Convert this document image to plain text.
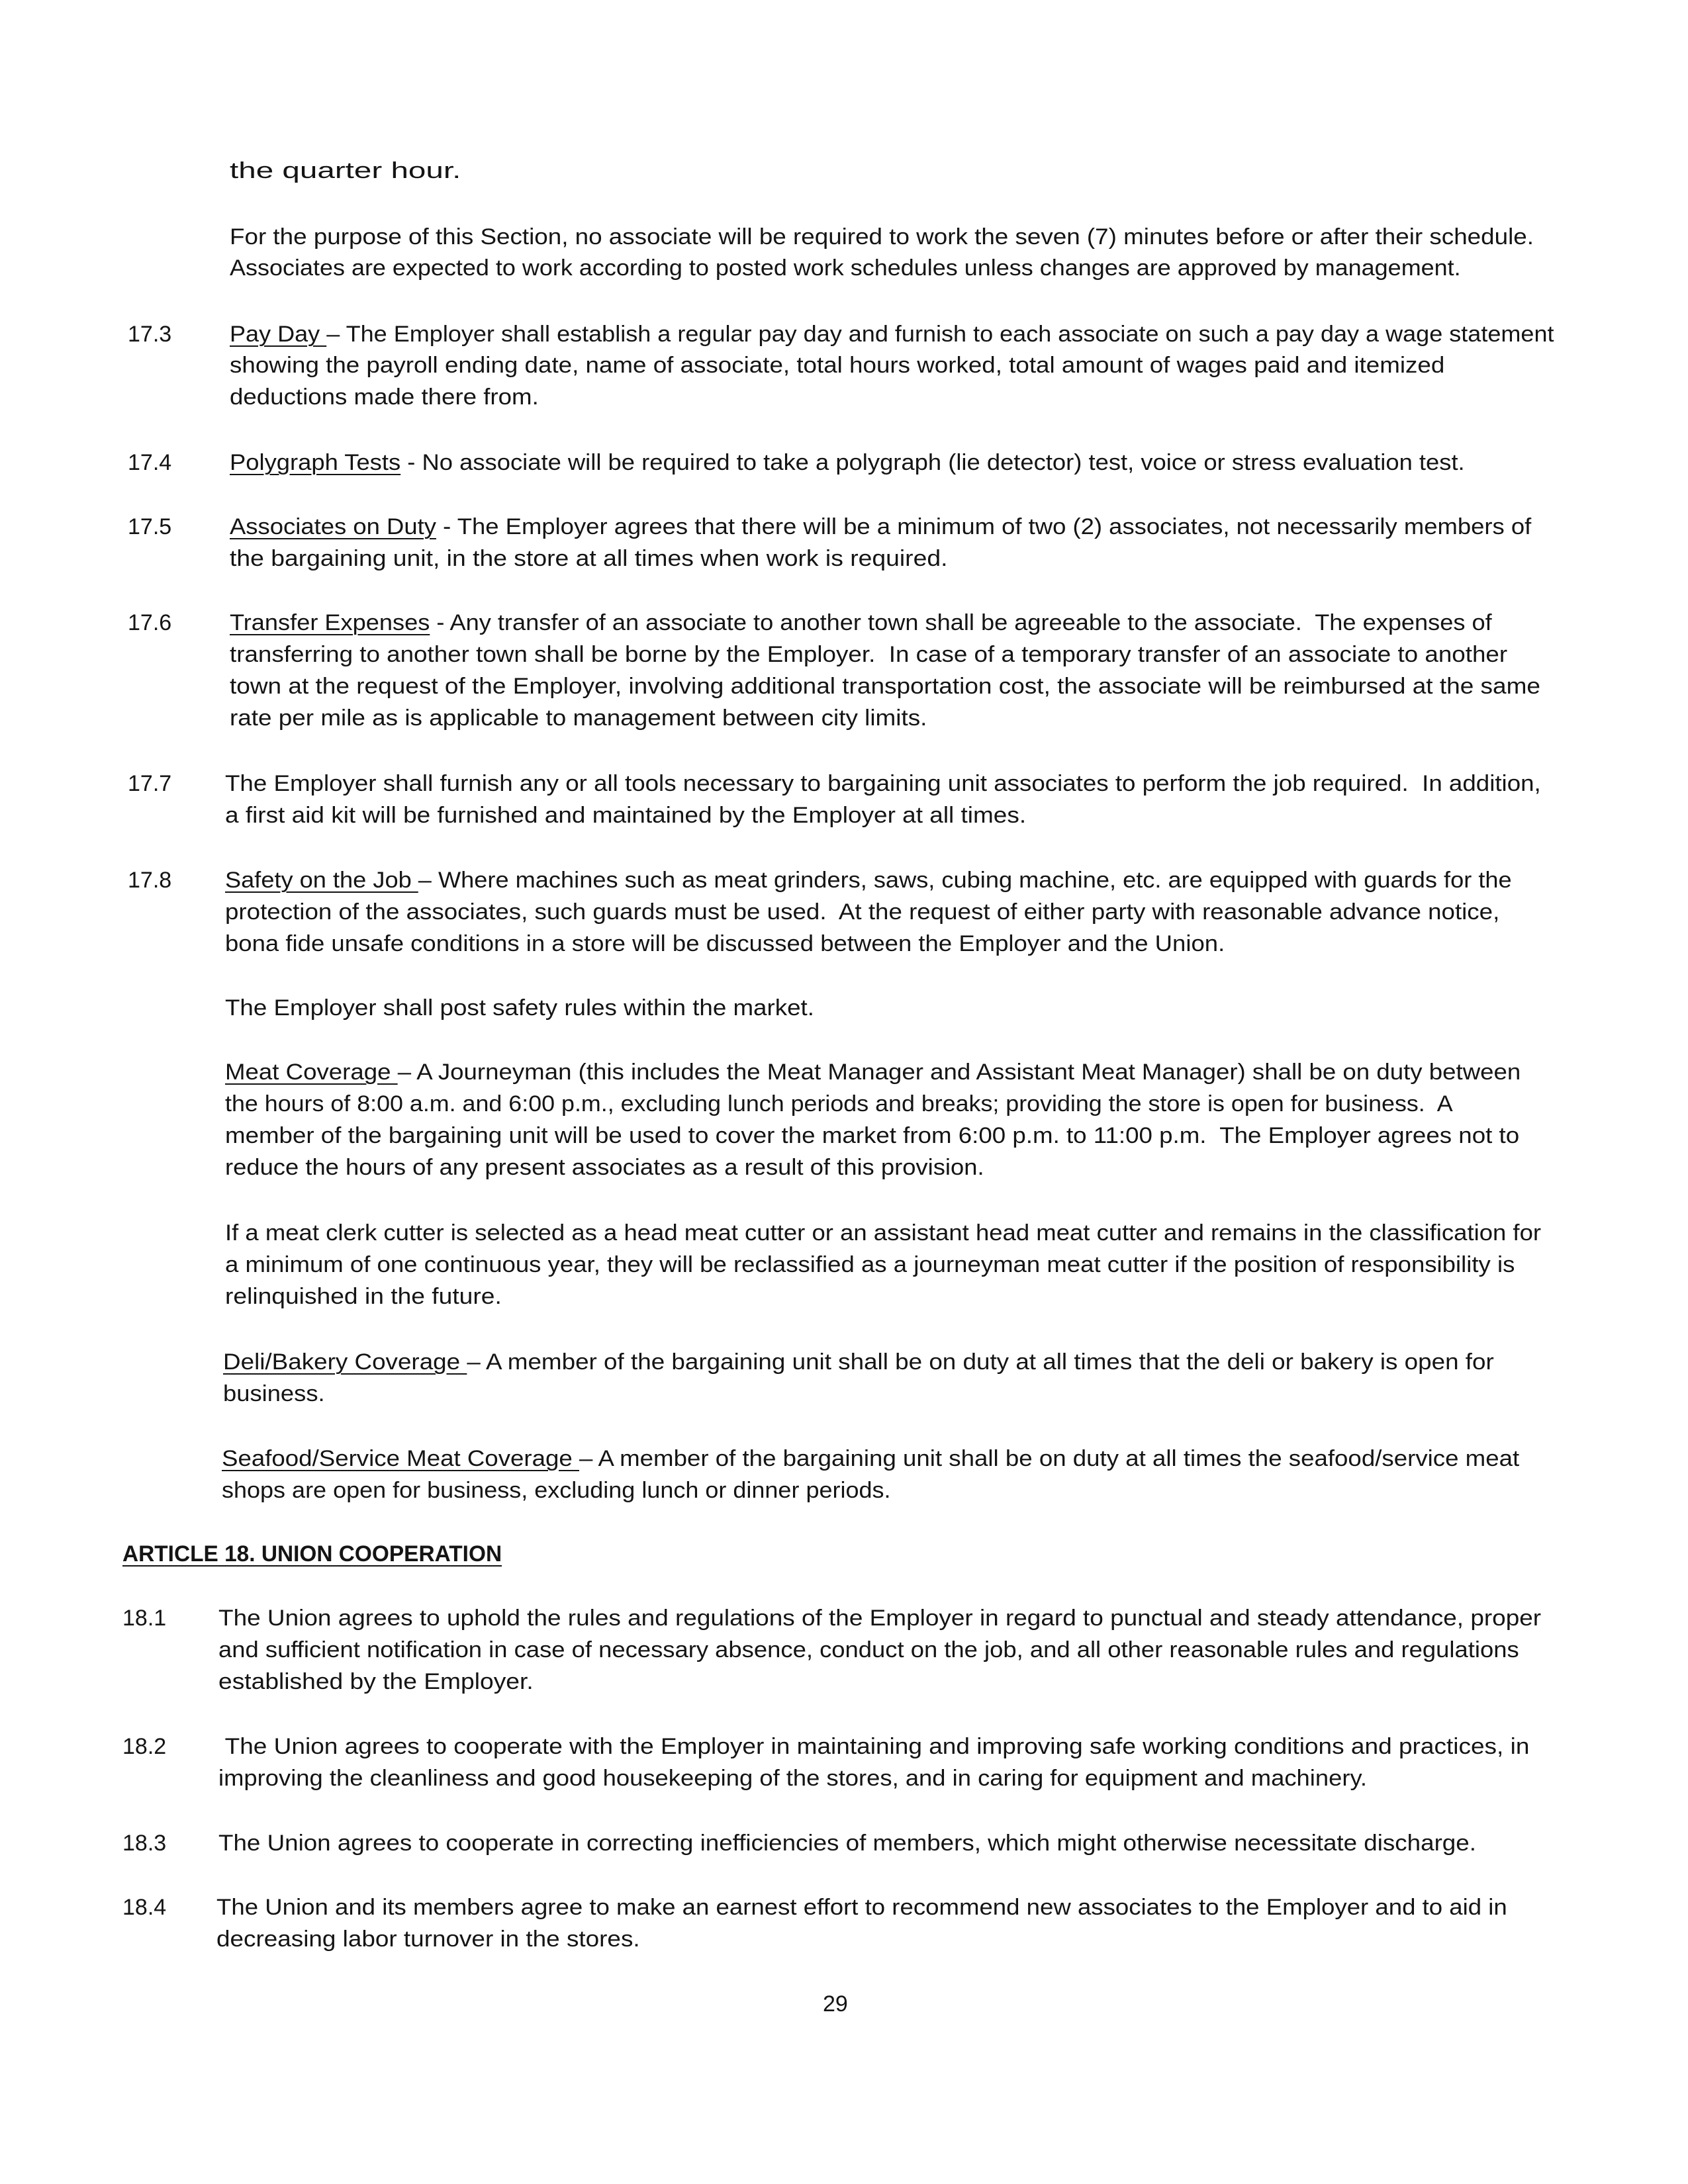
the quarter hour.
For the purpose of this Section, no associate will be required to work the seven (7) minutes before or after their schedule.
Associates are expected to work according to posted work schedules unless changes are approved by management.
17.3	Pay Day – The Employer shall establish a regular pay day and furnish to each associate on such a pay day a wage statement
showing the payroll ending date, name of associate, total hours worked, total amount of wages paid and itemized
deductions made there from.
17.4	Polygraph Tests - No associate will be required to take a polygraph (lie detector) test, voice or stress evaluation test.
17.5	Associates on Duty - The Employer agrees that there will be a minimum of two (2) associates, not necessarily members of
the bargaining unit, in the store at all times when work is required.
17.6	Transfer Expenses - Any transfer of an associate to another town shall be agreeable to the associate.  The expenses of
transferring to another town shall be borne by the Employer.  In case of a temporary transfer of an associate to another
town at the request of the Employer, involving additional transportation cost, the associate will be reimbursed at the same
rate per mile as is applicable to management between city limits.
17.7 The Employer shall furnish any or all tools necessary to bargaining unit associates to perform the job required.  In addition,
a first aid kit will be furnished and maintained by the Employer at all times.
17.8 Safety on the Job – Where machines such as meat grinders, saws, cubing machine, etc. are equipped with guards for the
protection of the associates, such guards must be used.  At the request of either party with reasonable advance notice,
bona fide unsafe conditions in a store will be discussed between the Employer and the Union.
The Employer shall post safety rules within the market.
Meat Coverage – A Journeyman (this includes the Meat Manager and Assistant Meat Manager) shall be on duty between
the hours of 8:00 a.m. and 6:00 p.m., excluding lunch periods and breaks; providing the store is open for business.  A
member of the bargaining unit will be used to cover the market from 6:00 p.m. to 11:00 p.m.  The Employer agrees not to
reduce the hours of any present associates as a result of this provision.
If a meat clerk cutter is selected as a head meat cutter or an assistant head meat cutter and remains in the classification for
a minimum of one continuous year, they will be reclassified as a journeyman meat cutter if the position of responsibility is
relinquished in the future.
Deli/Bakery Coverage – A member of the bargaining unit shall be on duty at all times that the deli or bakery is open for
business.
Seafood/Service Meat Coverage – A member of the bargaining unit shall be on duty at all times the seafood/service meat
shops are open for business, excluding lunch or dinner periods.
ARTICLE 18. UNION COOPERATION
18.1 The Union agrees to uphold the rules and regulations of the Employer in regard to punctual and steady attendance, proper
and sufficient notification in case of necessary absence, conduct on the job, and all other reasonable rules and regulations
established by the Employer.
18.2 The Union agrees to cooperate with the Employer in maintaining and improving safe working conditions and practices, in
improving the cleanliness and good housekeeping of the stores, and in caring for equipment and machinery.
18.3 The Union agrees to cooperate in correcting inefficiencies of members, which might otherwise necessitate discharge.
18.4 The Union and its members agree to make an earnest effort to recommend new associates to the Employer and to aid in
decreasing labor turnover in the stores.
29
